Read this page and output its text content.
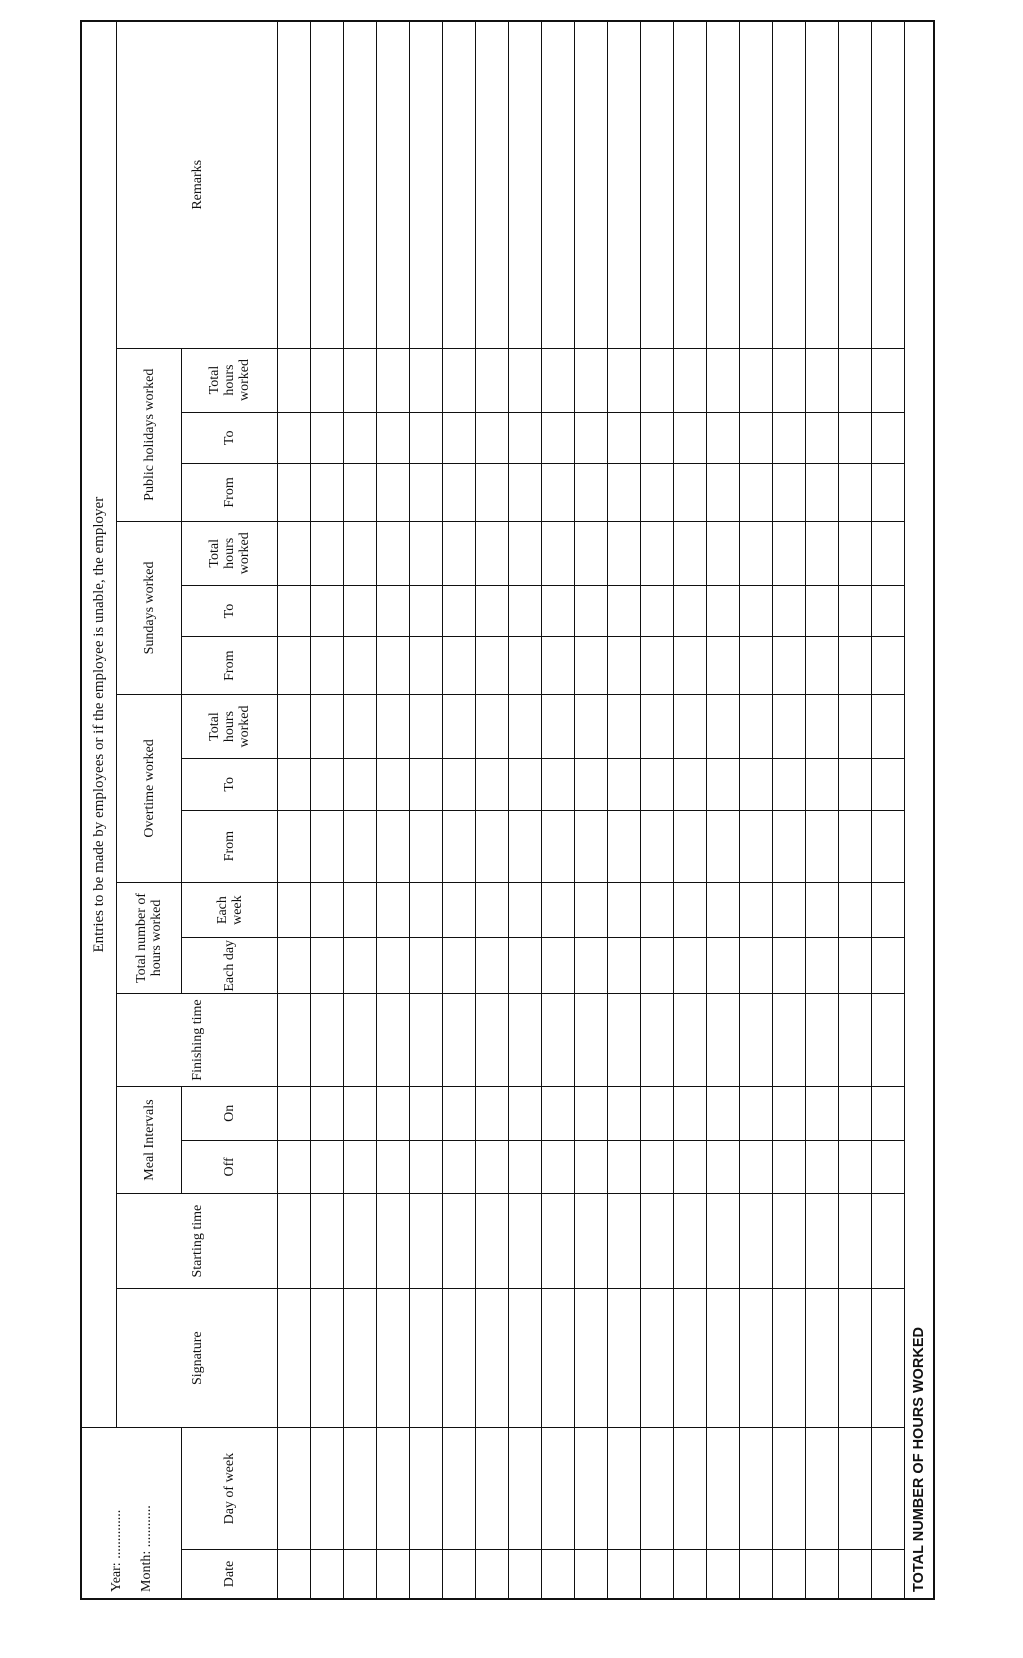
Year: .............. Month: ............		Entries to be made by employees or if the employee is unable, the employer																
		Signature	Starting time	Meal Intervals		Finishing time	Total number of hours worked		Overtime worked			Sundays worked			Public holidays worked			Remarks
Date	Day of week			Off	On		Each day	Each week	From	To	Total hours worked	From	To	Total hours worked	From	To	Total hours worked	

TOTAL NUMBER OF HOURS WORKED																		
